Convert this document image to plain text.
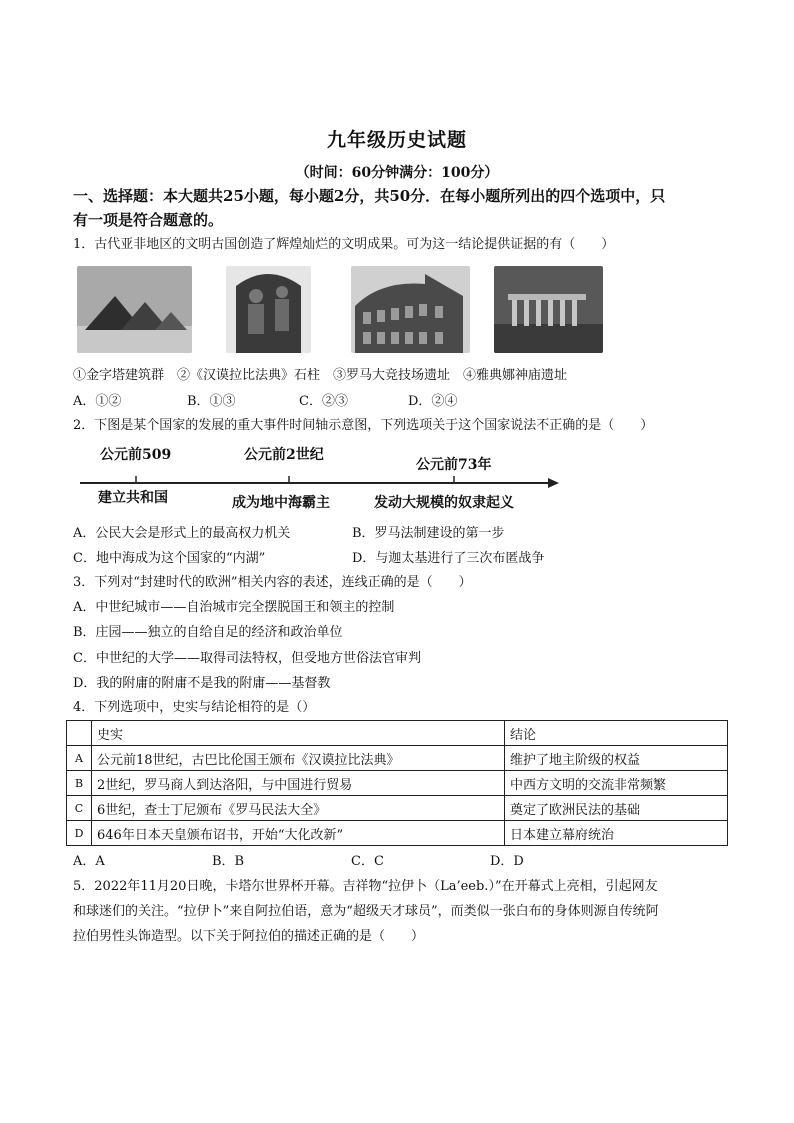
九年级历史试题
（时间：60分钟满分：100分）
一、选择题：本大题共25小题，每小题2分，共50分．在每小题所列出的四个选项中，只
有一项是符合题意的。
1．古代亚非地区的文明古国创造了辉煌灿烂的文明成果。可为这一结论提供证据的有（　　）
①金字塔建筑群　②《汉谟拉比法典》石柱　③罗马大竞技场遗址　④雅典娜神庙遗址
A．①②	B．①③	C．②③	D．②④
2．下图是某个国家的发展的重大事件时间轴示意图，下列选项关于这个国家说法不正确的是（　　）
公元前509	公元前2世纪
公元前73年
建立共和国	成为地中海霸主	发动大规模的奴隶起义
A．公民大会是形式上的最高权力机关	B．罗马法制建设的第一步
C．地中海成为这个国家的“内湖”	D．与迦太基进行了三次布匿战争
3．下列对“封建时代的欧洲”相关内容的表述，连线正确的是（　　）
A．中世纪城市——自治城市完全摆脱国王和领主的控制
B．庄园——独立的自给自足的经济和政治单位
C．中世纪的大学——取得司法特权，但受地方世俗法官审判
D．我的附庸的附庸不是我的附庸——基督教
4．下列选项中，史实与结论相符的是（）
	史实	结论
A	公元前18世纪，古巴比伦国王颁布《汉谟拉比法典》	维护了地主阶级的权益
B	2世纪，罗马商人到达洛阳，与中国进行贸易	中西方文明的交流非常频繁
C	6世纪，查士丁尼颁布《罗马民法大全》	奠定了欧洲民法的基础
D	646年日本天皇颁布诏书，开始“大化改新”	日本建立幕府统治
A．A	B．B	C．C	D．D
5．2022年11月20日晚，卡塔尔世界杯开幕。吉祥物“拉伊卜（La’eeb.）”在开幕式上亮相，引起网友
和球迷们的关注。“拉伊卜”来自阿拉伯语，意为“超级天才球员”，而类似一张白布的身体则源自传统阿
拉伯男性头饰造型。以下关于阿拉伯的描述正确的是（　　）
